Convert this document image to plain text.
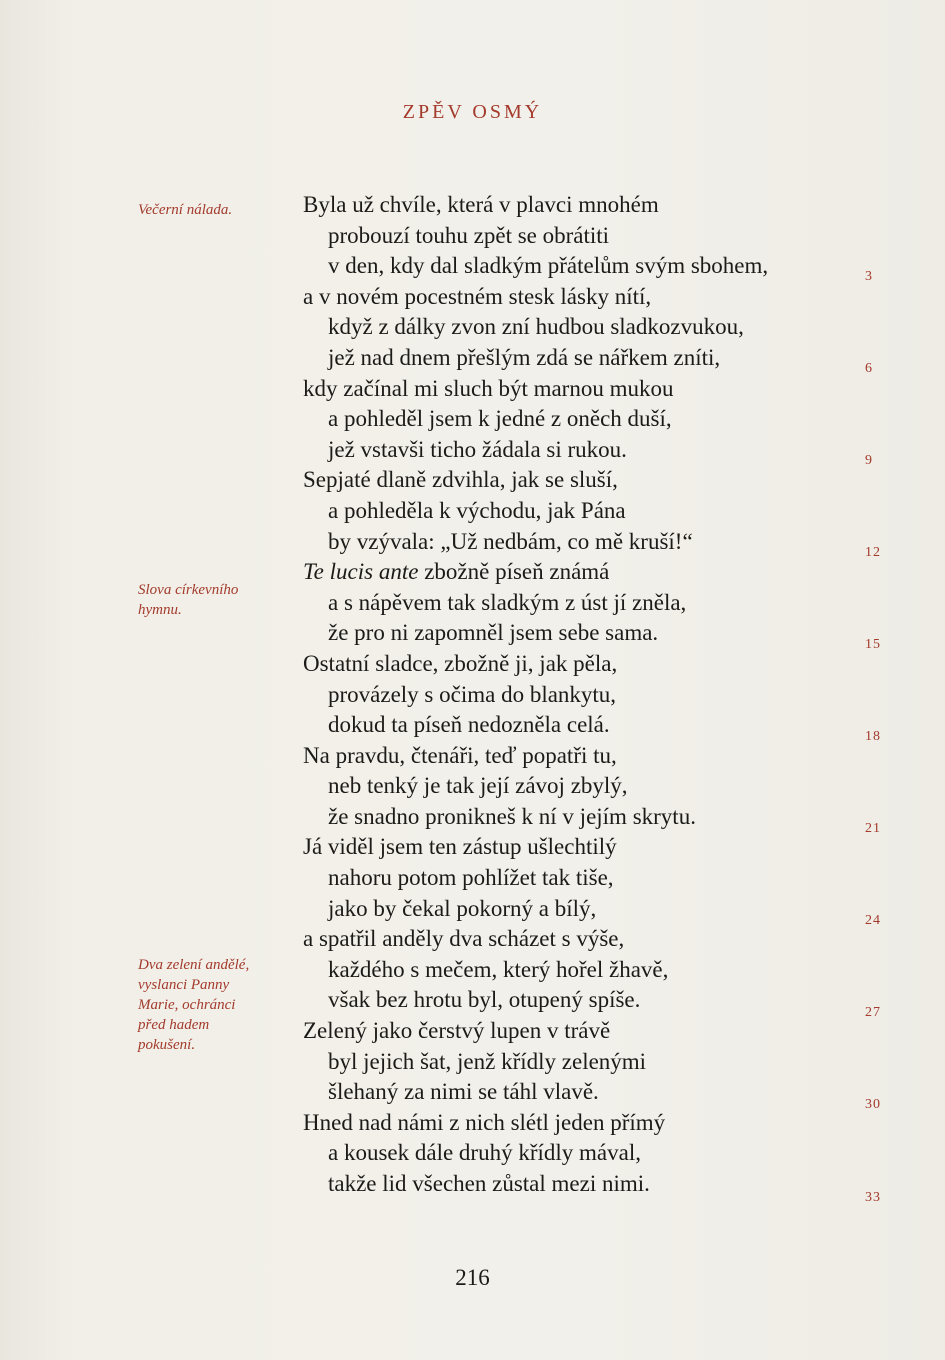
ZPĚV OSMÝ
Večerní nálada.
Slova církevního
hymnu.
Dva zelení andělé,
vyslanci Panny
Marie, ochránci
před hadem
pokušení.
Byla už chvíle, která v plavci mnohém
probouzí touhu zpět se obrátiti
v den, kdy dal sladkým přátelům svým sbohem,
a v novém pocestném stesk lásky nítí,
když z dálky zvon zní hudbou sladkozvukou,
jež nad dnem přešlým zdá se nářkem zníti,
kdy začínal mi sluch být marnou mukou
a pohleděl jsem k jedné z oněch duší,
jež vstavši ticho žádala si rukou.
Sepjaté dlaně zdvihla, jak se sluší,
a pohleděla k východu, jak Pána
by vzývala: „Už nedbám, co mě kruší!“
Te lucis ante zbožně píseň známá
a s nápěvem tak sladkým z úst jí zněla,
že pro ni zapomněl jsem sebe sama.
Ostatní sladce, zbožně ji, jak pěla,
provázely s očima do blankytu,
dokud ta píseň nedozněla celá.
Na pravdu, čtenáři, teď popatři tu,
neb tenký je tak její závoj zbylý,
že snadno pronikneš k ní v jejím skrytu.
Já viděl jsem ten zástup ušlechtilý
nahoru potom pohlížet tak tiše,
jako by čekal pokorný a bílý,
a spatřil anděly dva scházet s výše,
každého s mečem, který hořel žhavě,
však bez hrotu byl, otupený spíše.
Zelený jako čerstvý lupen v trávě
byl jejich šat, jenž křídly zelenými
šlehaný za nimi se táhl vlavě.
Hned nad námi z nich slétl jeden přímý
a kousek dále druhý křídly mával,
takže lid všechen zůstal mezi nimi.
3
6
9
12
15
18
21
24
27
30
33
216
